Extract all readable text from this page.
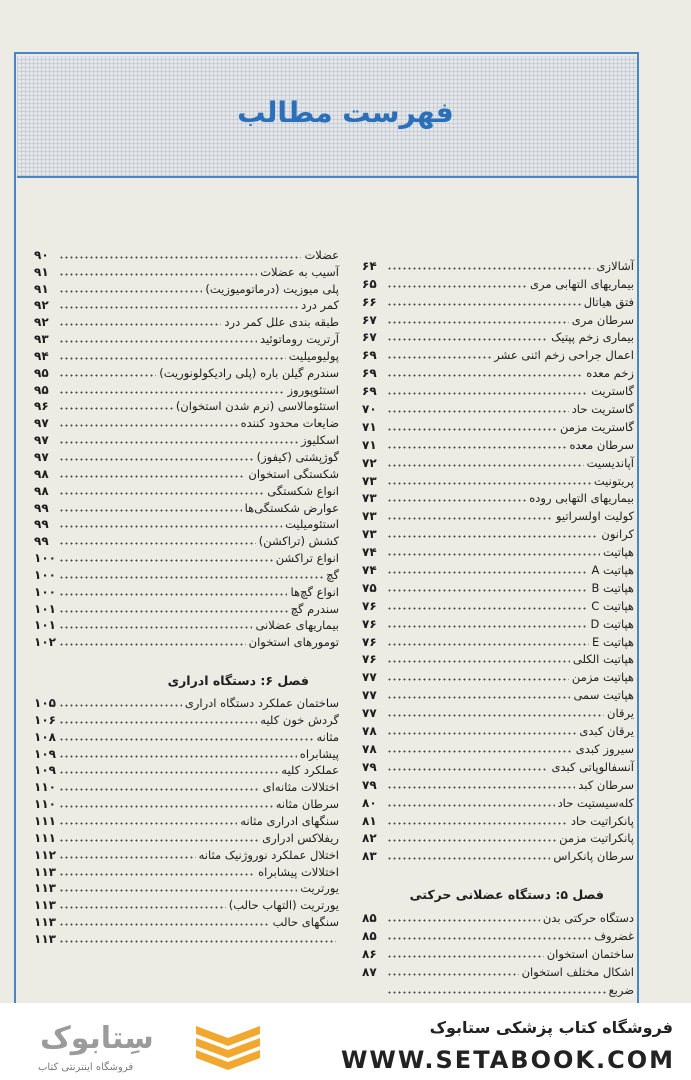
فهرست مطالب
آشالازی
۶۴
بیماریهای التهابی مری
۶۵
فتق هیاتال
۶۶
سرطان مری
۶۷
بیماری زخم پپتیک
۶۷
اعمال جراحی زخم اثنی عشر
۶۹
زخم معده
۶۹
گاستریت
۶۹
گاستریت حاد
۷۰
گاستریت مزمن
۷۱
سرطان معده
۷۱
آپاندیسیت
۷۲
پریتونیت
۷۳
بیماریهای التهابی روده
۷۳
کولیت اولسراتیو
۷۳
کرانون
۷۳
هپاتیت
۷۴
هپاتیت A
۷۴
هپاتیت B
۷۵
هپاتیت C
۷۶
هپاتیت D
۷۶
هپاتیت E
۷۶
هپاتیت الکلی
۷۶
هپاتیت مزمن
۷۷
هپاتیت سمی
۷۷
یرقان
۷۷
یرقان کبدی
۷۸
سیروز کبدی
۷۸
آنسفالوپاتی کبدی
۷۹
سرطان کبد
۷۹
کله‌سیستیت حاد
۸۰
پانکراتیت حاد
۸۱
پانکراتیت مزمن
۸۲
سرطان پانکراس
۸۳
فصل ۵: دستگاه عضلانی حرکتی
دستگاه حرکتی بدن
۸۵
غضروف
۸۵
ساختمان استخوان
۸۶
اشکال مختلف استخوان
۸۷
ضربع
عضلات
۹۰
آسیب به عضلات
۹۱
پلی میوزیت (درماتومیوزیت)
۹۱
کمر درد
۹۲
طبقه بندی علل کمر درد
۹۲
آرتریت روماتوئید
۹۳
پولیومیلیت
۹۴
سندرم گیلن باره (پلی رادیکولونوریت)
۹۵
استئوپوروز
۹۵
استئومالاسی (نرم شدن استخوان)
۹۶
ضایعات محدود کننده
۹۷
اسکلیوز
۹۷
گوژپشتی (کیفوز)
۹۷
شکستگی استخوان
۹۸
انواع شکستگی
۹۸
عوارض شکستگی‌ها
۹۹
استئومیلیت
۹۹
کشش (تراکشن)
۹۹
انواع تراکشن
۱۰۰
گچ
۱۰۰
انواع گچ‌ها
۱۰۰
سندرم گچ
۱۰۱
بیماریهای عضلانی
۱۰۱
تومورهای استخوان
۱۰۲
فصل ۶: دستگاه ادراری
ساختمان عملکرد دستگاه ادراری
۱۰۵
گردش خون کلیه
۱۰۶
مثانه
۱۰۸
پیشابراه
۱۰۹
عملکرد کلیه
۱۰۹
اختلالات مثانه‌ای
۱۱۰
سرطان مثانه
۱۱۰
سنگهای ادراری مثانه
۱۱۱
ریفلاکس ادراری
۱۱۱
اختلال عملکرد نوروژنیک مثانه
۱۱۲
اختلالات پیشابراه
۱۱۳
یورتریت
۱۱۳
یورتریت (التهاب حالب)
۱۱۳
سنگهای حالب
۱۱۳
۱۱۳
سِتابوک
فروشگاه اینترنتی کتاب
فروشگاه کتاب پزشکی ستابوک
WWW.SETABOOK.COM
